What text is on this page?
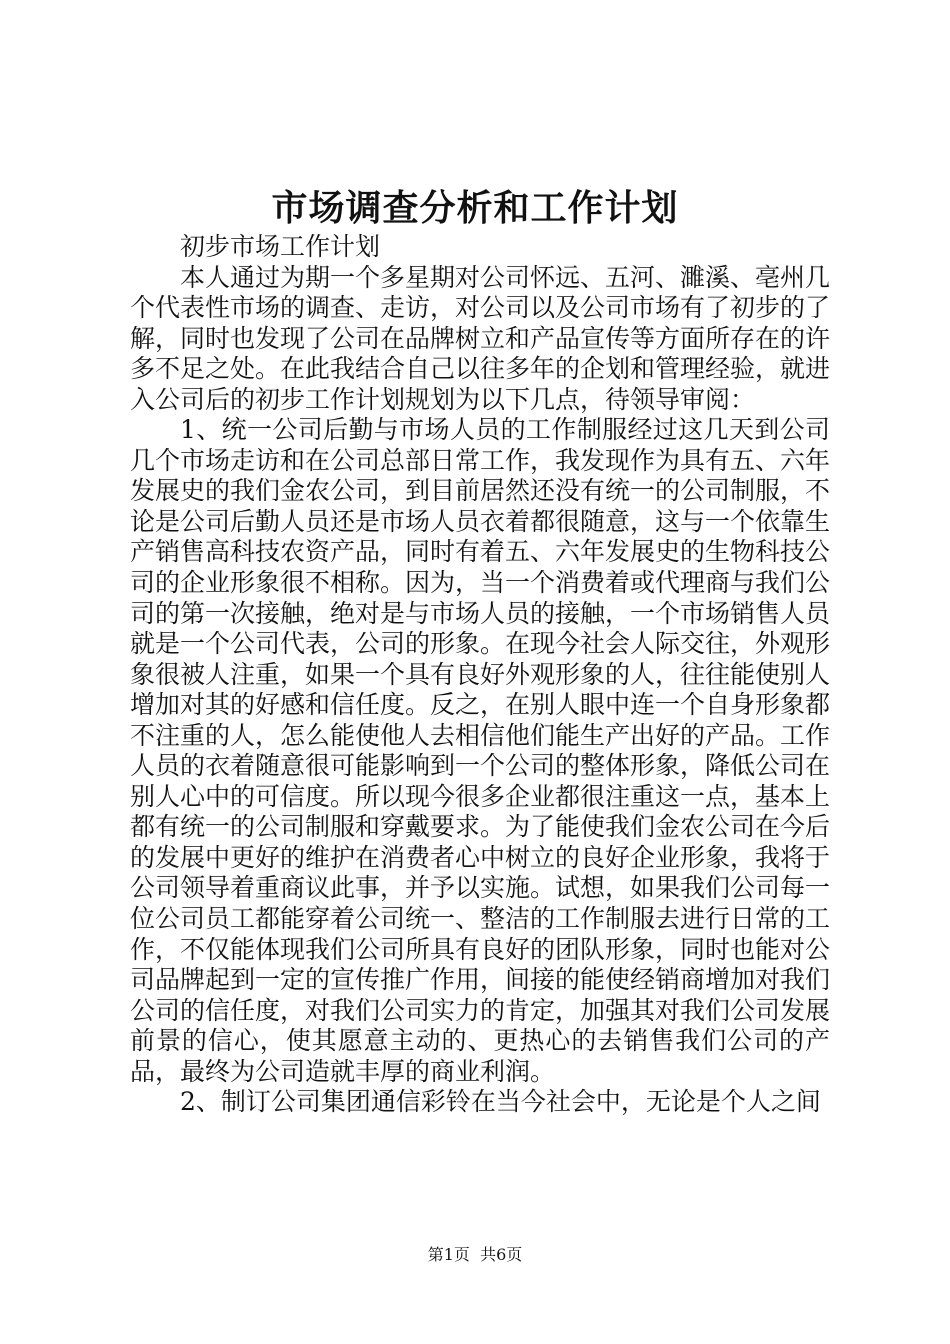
市场调查分析和工作计划

初步市场工作计划

本人通过为期一个多星期对公司怀远、五河、濉溪、亳州几个代表性市场的调查、走访，对公司以及公司市场有了初步的了解，同时也发现了公司在品牌树立和产品宣传等方面所存在的许多不足之处。在此我结合自己以往多年的企划和管理经验，就进入公司后的初步工作计划规划为以下几点，待领导审阅：

1、统一公司后勤与市场人员的工作制服经过这几天到公司几个市场走访和在公司总部日常工作，我发现作为具有五、六年发展史的我们金农公司，到目前居然还没有统一的公司制服，不论是公司后勤人员还是市场人员衣着都很随意，这与一个依靠生产销售高科技农资产品，同时有着五、六年发展史的生物科技公司的企业形象很不相称。因为，当一个消费着或代理商与我们公司的第一次接触，绝对是与市场人员的接触，一个市场销售人员就是一个公司代表，公司的形象。在现今社会人际交往，外观形象很被人注重，如果一个具有良好外观形象的人，往往能使别人增加对其的好感和信任度。反之，在别人眼中连一个自身形象都不注重的人，怎么能使他人去相信他们能生产出好的产品。工作人员的衣着随意很可能影响到一个公司的整体形象，降低公司在别人心中的可信度。所以现今很多企业都很注重这一点，基本上都有统一的公司制服和穿戴要求。为了能使我们金农公司在今后的发展中更好的维护在消费者心中树立的良好企业形象，我将于公司领导着重商议此事，并予以实施。试想，如果我们公司每一位公司员工都能穿着公司统一、整洁的工作制服去进行日常的工作，不仅能体现我们公司所具有良好的团队形象，同时也能对公司品牌起到一定的宣传推广作用，间接的能使经销商增加对我们公司的信任度，对我们公司实力的肯定，加强其对我们公司发展前景的信心，使其愿意主动的、更热心的去销售我们公司的产品，最终为公司造就丰厚的商业利润。

2、制订公司集团通信彩铃在当今社会中，无论是个人之间

第1页 共6页
